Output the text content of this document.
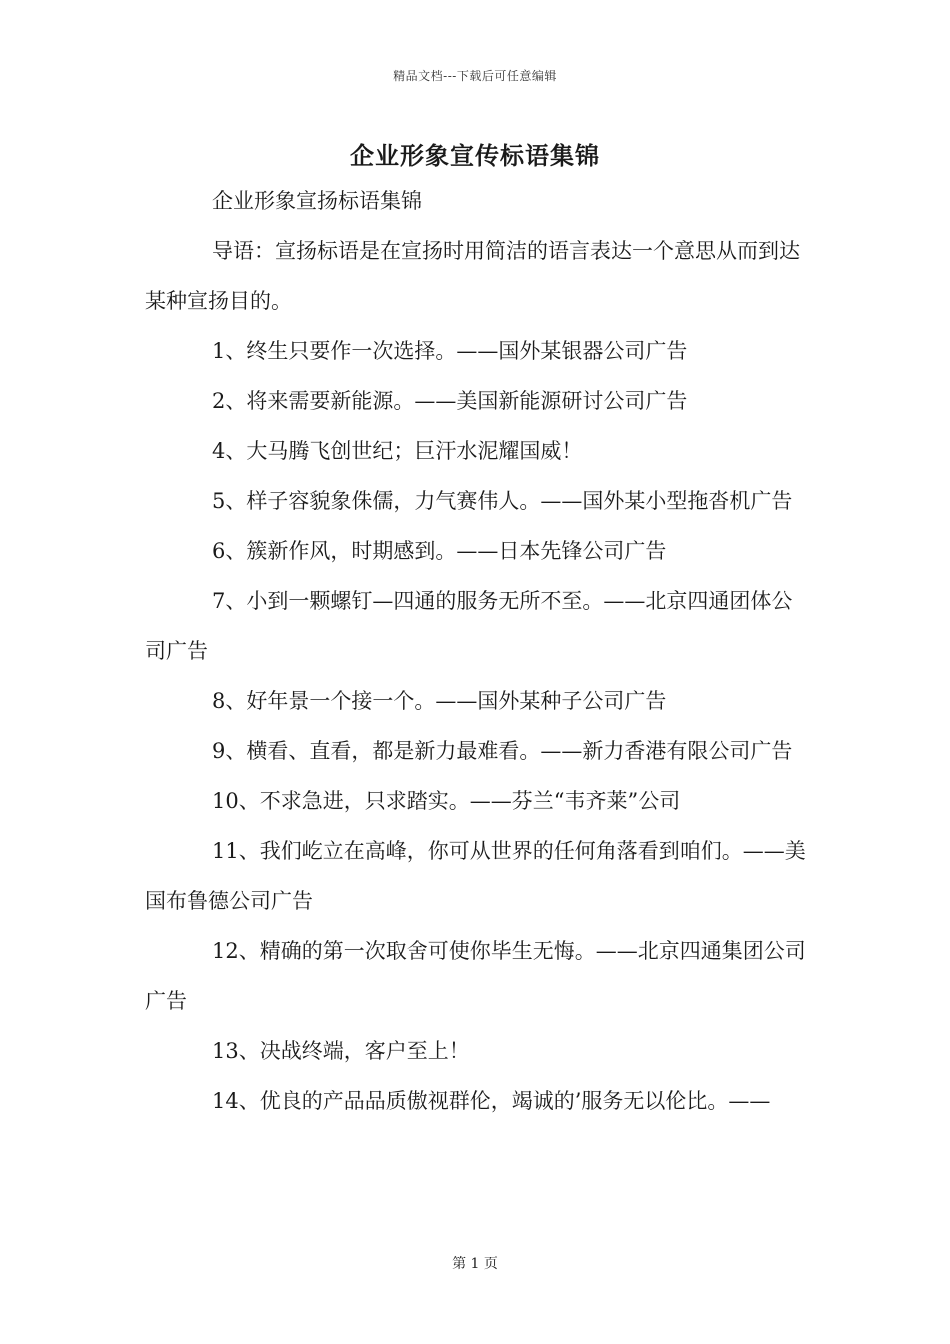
精品文档---下载后可任意编辑
企业形象宣传标语集锦

企业形象宣扬标语集锦

导语：宣扬标语是在宣扬时用简洁的语言表达一个意思从而到达某种宣扬目的。

1、终生只要作一次选择。——国外某银器公司广告

2、将来需要新能源。——美国新能源研讨公司广告

4、大马腾飞创世纪；巨汗水泥耀国威！

5、样子容貌象侏儒，力气赛伟人。——国外某小型拖沓机广告

6、簇新作风，时期感到。——日本先锋公司广告

7、小到一颗螺钉—四通的服务无所不至。——北京四通团体公司广告

8、好年景一个接一个。——国外某种子公司广告

9、横看、直看，都是新力最难看。——新力香港有限公司广告

10、不求急进，只求踏实。——芬兰“韦齐莱”公司

11、我们屹立在高峰，你可从世界的任何角落看到咱们。——美国布鲁德公司广告

12、精确的第一次取舍可使你毕生无悔。——北京四通集团公司广告

13、决战终端，客户至上！

14、优良的产品品质傲视群伦，竭诚的’服务无以伦比。——

第 1 页
